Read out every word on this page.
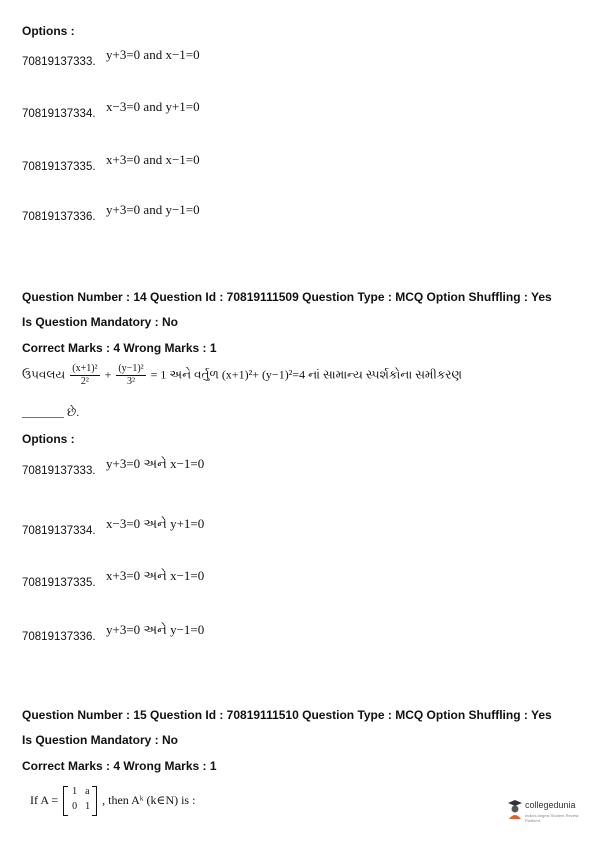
Options :
$_{70819137333.}$ y+3=0 and x−1=0
$_{70819137334.}$ x−3=0 and y+1=0
$_{70819137335.}$ x+3=0 and x−1=0
$_{70819137336.}$ y+3=0 and y−1=0
Question Number : 14 Question Id : 70819111509 Question Type : MCQ Option Shuffling : Yes
Is Question Mandatory : No
Correct Marks : 4 Wrong Marks : 1
ઉપવલય $\frac{\text{(x+1)²}}{\text{2²}} + \frac{\text{(y−1)²}}{\text{3²}} = 1$ અને વર્તુળ (x+1)²+ (y−1)²=4 નાં સામાન્ય સ્પર્શકોના સમીકરણ
_______ છે.
Options :
$_{70819137333.}$ y+3=0 અને x−1=0
$_{70819137334.}$ x−3=0 અને y+1=0
$_{70819137335.}$ x+3=0 અને x−1=0
$_{70819137336.}$ y+3=0 અને y−1=0
Question Number : 15 Question Id : 70819111510 Question Type : MCQ Option Shuffling : Yes
Is Question Mandatory : No
Correct Marks : 4 Wrong Marks : 1
If A =
1 a
0 1 , then Aᵏ (k∈N) is :	collegedunia
India's largest Student Review Platform
